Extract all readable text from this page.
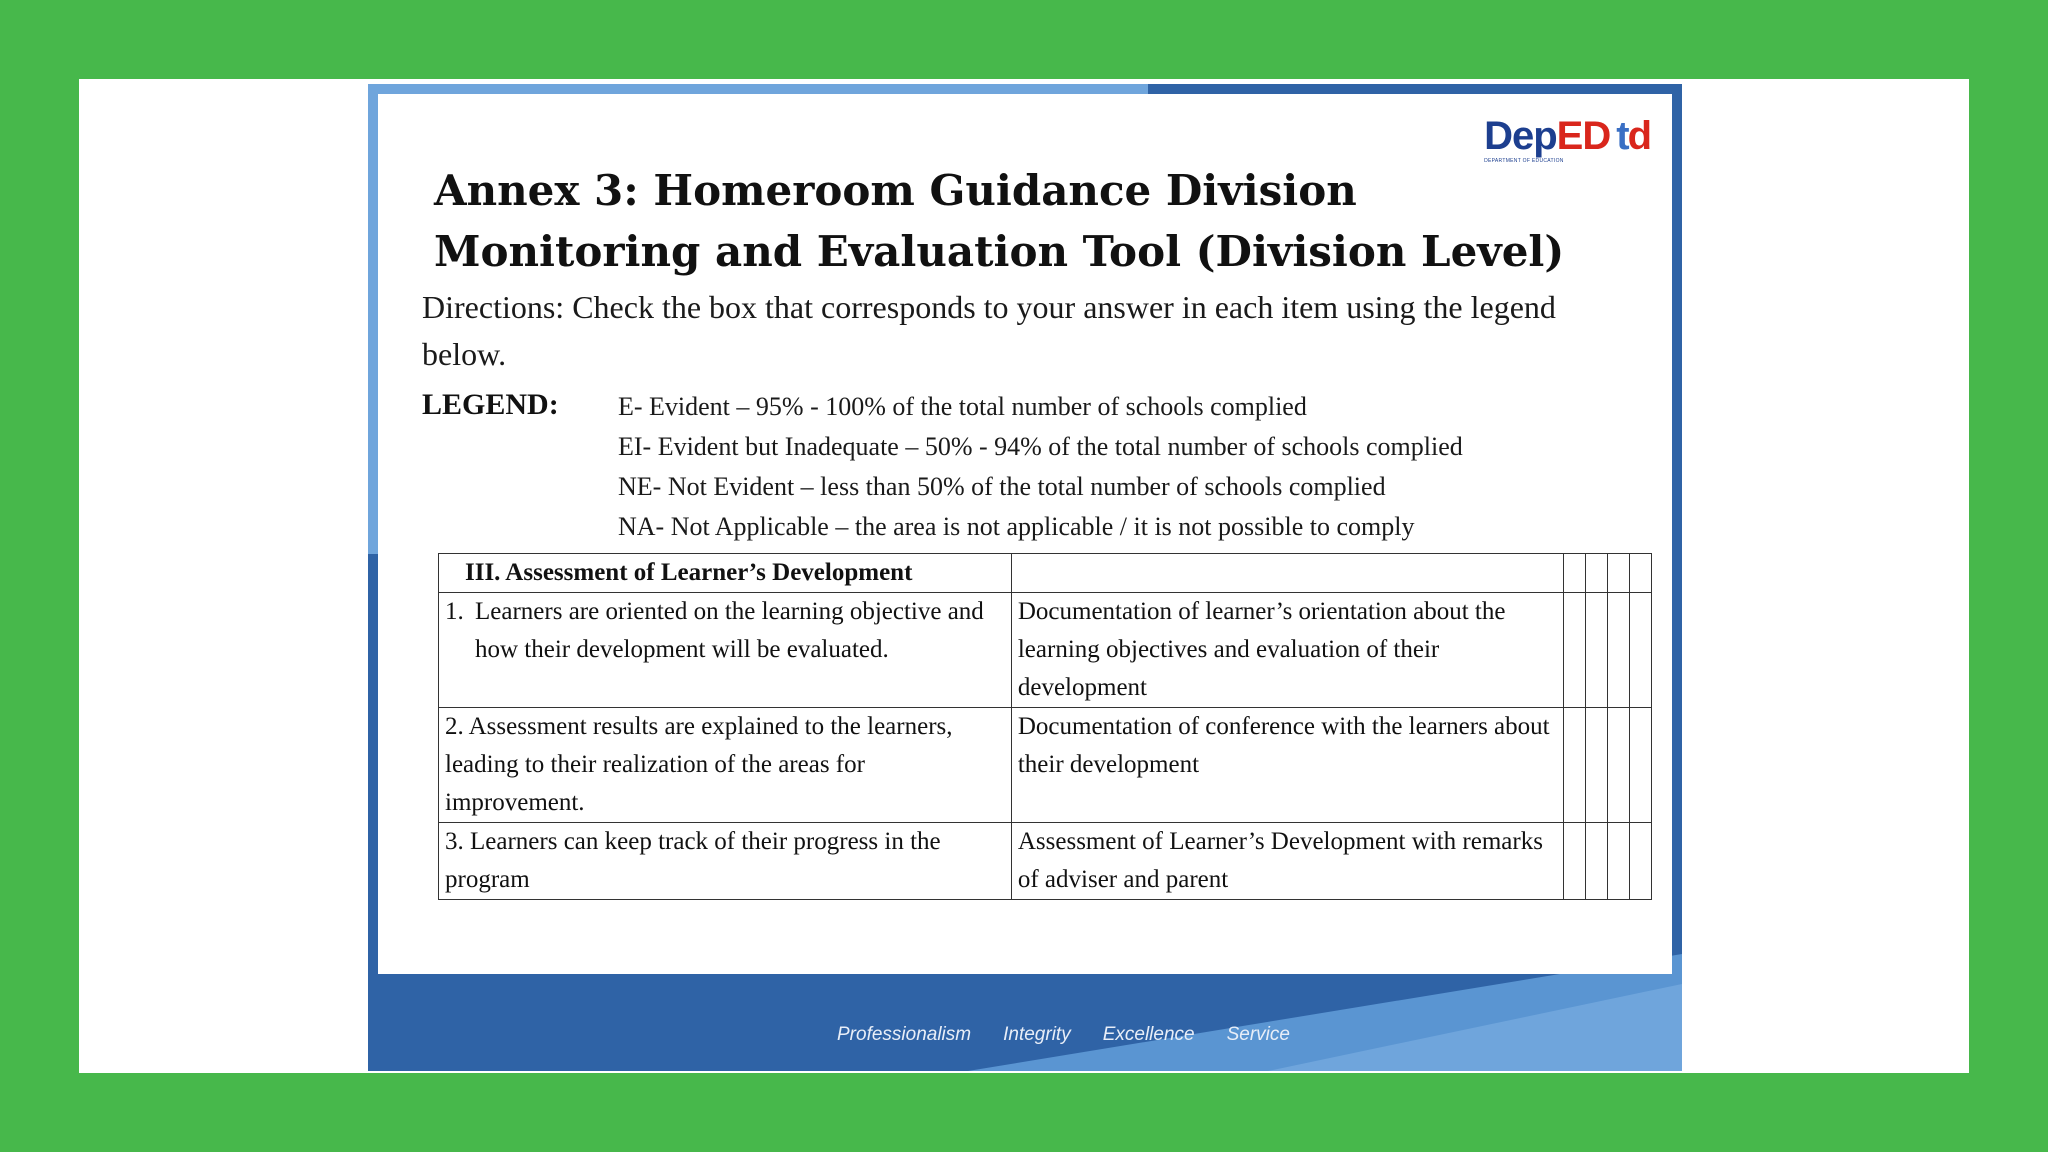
DepED
DEPARTMENT OF EDUCATION
td
Annex 3: Homeroom Guidance Division
Monitoring and Evaluation Tool (Division Level)
Directions: Check the box that corresponds to your answer in each item using the legend below.
LEGEND: E- Evident – 95% - 100% of the total number of schools complied
EI- Evident but Inadequate – 50% - 94% of the total number of schools complied
NE- Not Evident – less than 50% of the total number of schools complied
NA- Not Applicable – the area is not applicable / it is not possible to comply
III. Assessment of Learner’s Development					

1. Learners are oriented on the learning objective and how their development will be evaluated.	Documentation of learner’s orientation about the learning objectives and evaluation of their development				
2. Assessment results are explained to the learners, leading to their realization of the areas for improvement.	Documentation of conference with the learners about their development				
3. Learners can keep track of their progress in the program	Assessment of Learner’s Development with remarks of adviser and parent				
Professionalism Integrity Excellence Service
